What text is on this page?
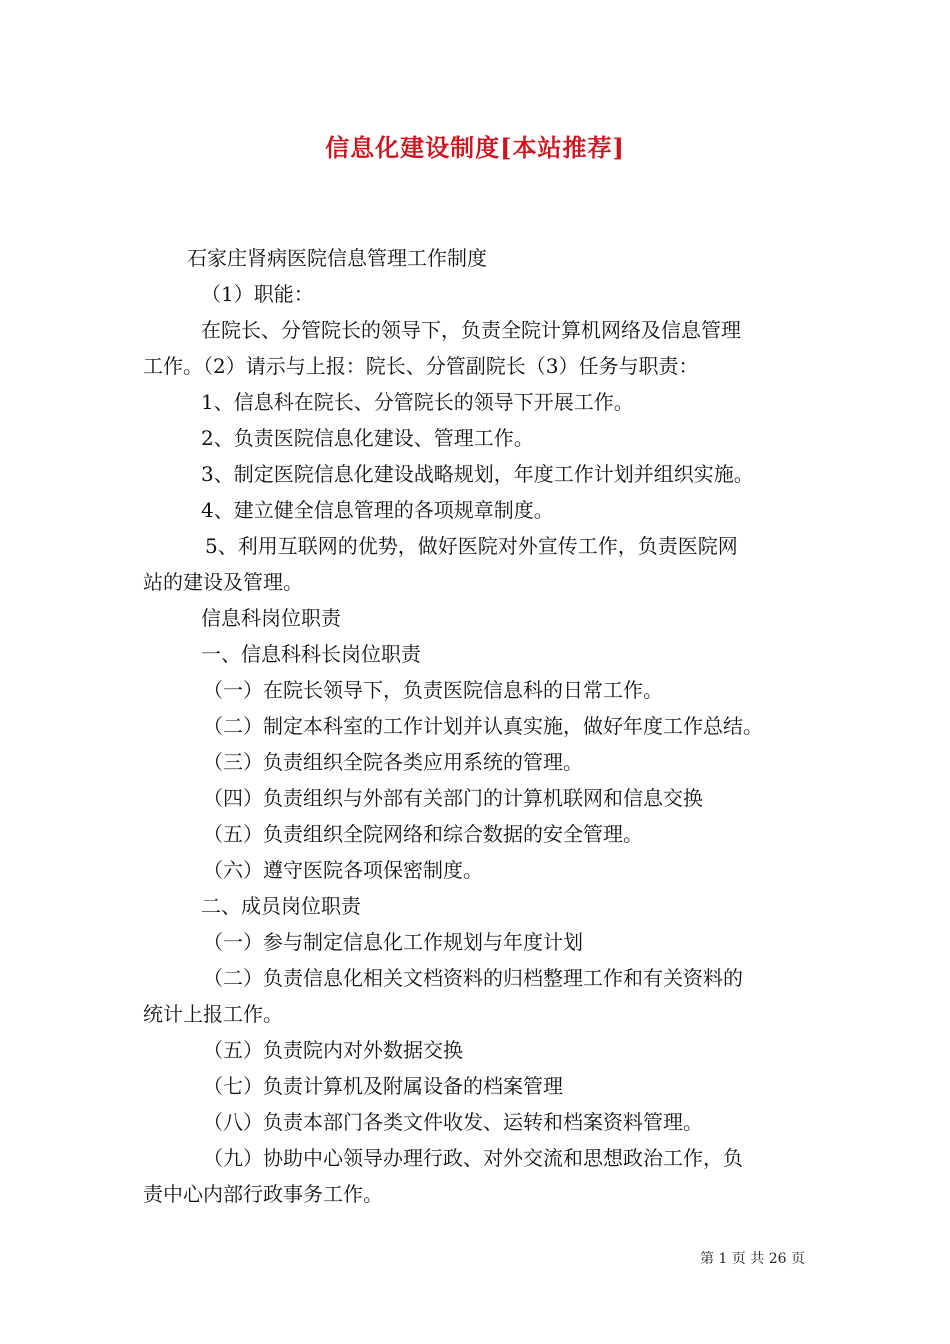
信息化建设制度[本站推荐]
石家庄肾病医院信息管理工作制度
（1）职能：
在院长、分管院长的领导下，负责全院计算机网络及信息管理
工作。（2）请示与上报：院长、分管副院长（3）任务与职责：
1、信息科在院长、分管院长的领导下开展工作。
2、负责医院信息化建设、管理工作。
3、制定医院信息化建设战略规划，年度工作计划并组织实施。
4、建立健全信息管理的各项规章制度。
5、利用互联网的优势，做好医院对外宣传工作，负责医院网
站的建设及管理。
信息科岗位职责
一、信息科科长岗位职责
（一）在院长领导下，负责医院信息科的日常工作。
（二）制定本科室的工作计划并认真实施，做好年度工作总结。
（三）负责组织全院各类应用系统的管理。
（四）负责组织与外部有关部门的计算机联网和信息交换
（五）负责组织全院网络和综合数据的安全管理。
（六）遵守医院各项保密制度。
二、成员岗位职责
（一）参与制定信息化工作规划与年度计划
（二）负责信息化相关文档资料的归档整理工作和有关资料的
统计上报工作。
（五）负责院内对外数据交换
（七）负责计算机及附属设备的档案管理
（八）负责本部门各类文件收发、运转和档案资料管理。
（九）协助中心领导办理行政、对外交流和思想政治工作，负
责中心内部行政事务工作。
第 1 页 共 26 页
